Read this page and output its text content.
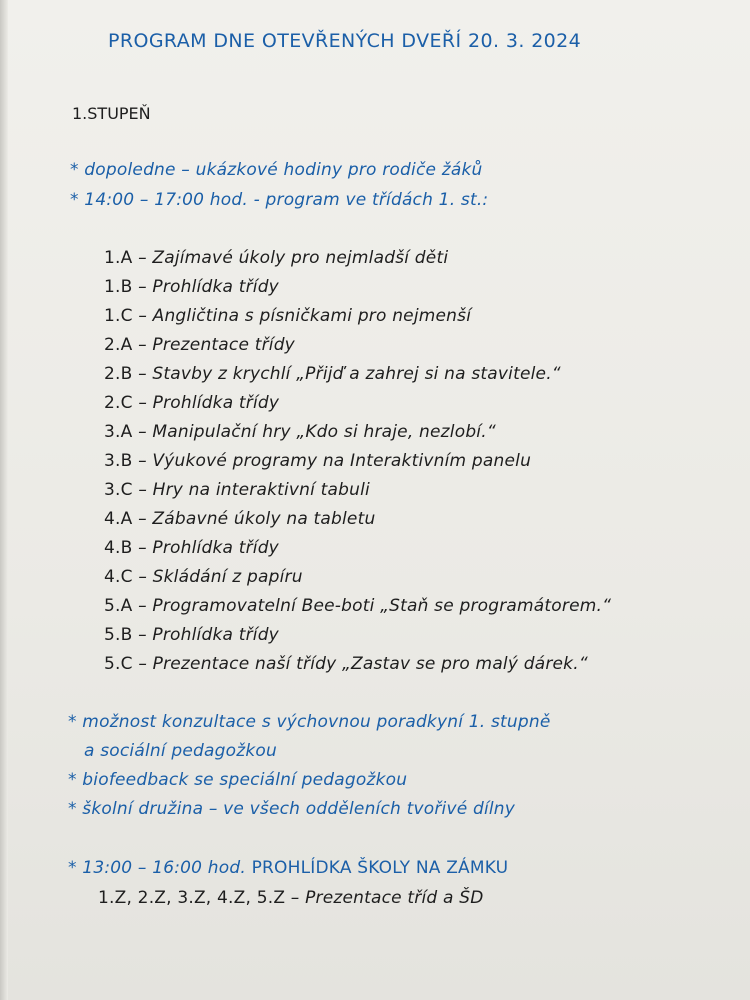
PROGRAM DNE OTEVŘENÝCH DVEŘÍ 20. 3. 2024
1.STUPEŇ
* dopoledne – ukázkové hodiny pro rodiče žáků
* 14:00 – 17:00 hod. - program ve třídách 1. st.:
1.A – Zajímavé úkoly pro nejmladší děti
1.B – Prohlídka třídy
1.C – Angličtina s písničkami pro nejmenší
2.A – Prezentace třídy
2.B – Stavby z krychlí „Přijď a zahrej si na stavitele.“
2.C – Prohlídka třídy
3.A – Manipulační hry „Kdo si hraje, nezlobí.“
3.B – Výukové programy na Interaktivním panelu
3.C – Hry na interaktivní tabuli
4.A – Zábavné úkoly na tabletu
4.B – Prohlídka třídy
4.C – Skládání z papíru
5.A – Programovatelní Bee-boti „Staň se programátorem.“
5.B – Prohlídka třídy
5.C – Prezentace naší třídy „Zastav se pro malý dárek.“
* možnost konzultace s výchovnou poradkyní 1. stupně
a sociální pedagožkou
* biofeedback se speciální pedagožkou
* školní družina – ve všech odděleních tvořivé dílny
* 13:00 – 16:00 hod. PROHLÍDKA ŠKOLY NA ZÁMKU
1.Z, 2.Z, 3.Z, 4.Z, 5.Z – Prezentace tříd a ŠD
